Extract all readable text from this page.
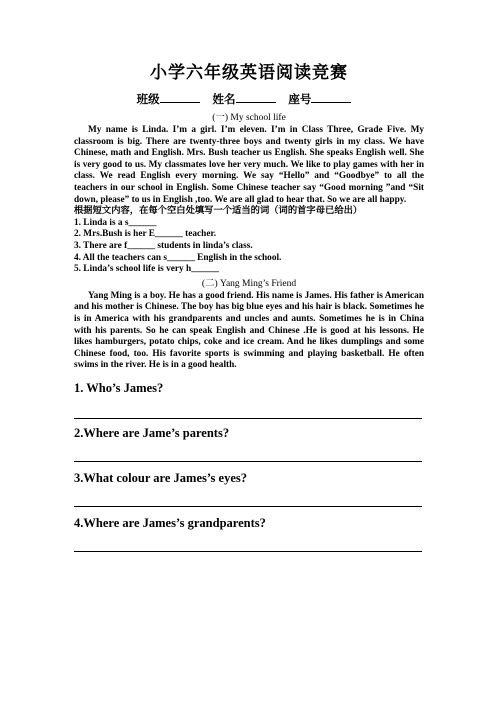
小学六年级英语阅读竞赛
班级	姓名	座号
(一) My school life

My name is Linda. I’m a girl. I’m eleven. I’m in Class Three, Grade Five. My classroom is big. There are twenty-three boys and twenty girls in my class. We have Chinese, math and English. Mrs. Bush teacher us English. She speaks English well. She is very good to us. My classmates love her very much. We like to play games with her in class. We read English every morning. We say “Hello” and “Goodbye” to all the teachers in our school in English. Some Chinese teacher say “Good morning ”and “Sit down, please” to us in English ,too. We are all glad to hear that. So we are all happy.

根据短文内容，在每个空白处填写一个适当的词（词的首字母已给出）

1. Linda is a s______
2. Mrs.Bush is her E______ teacher.
3. There are f______ students in linda’s class.
4. All the teachers can s______ English in the school.
5. Linda’s school life is very h______
(二) Yang Ming’s Friend

Yang Ming is a boy. He has a good friend. His name is James. His father is American and his mother is Chinese. The boy has big blue eyes and his hair is black. Sometimes he is in America with his grandparents and uncles and aunts. Sometimes he is in China with his parents. So he can speak English and Chinese .He is good at his lessons. He likes hamburgers, potato chips, coke and ice cream. And he likes dumplings and some Chinese food, too. His favorite sports is swimming and playing basketball. He often swims in the river. He is in a good health.

1. Who’s James?

2.Where are Jame’s parents?

3.What colour are James’s eyes?

4.Where are James’s grandparents?
